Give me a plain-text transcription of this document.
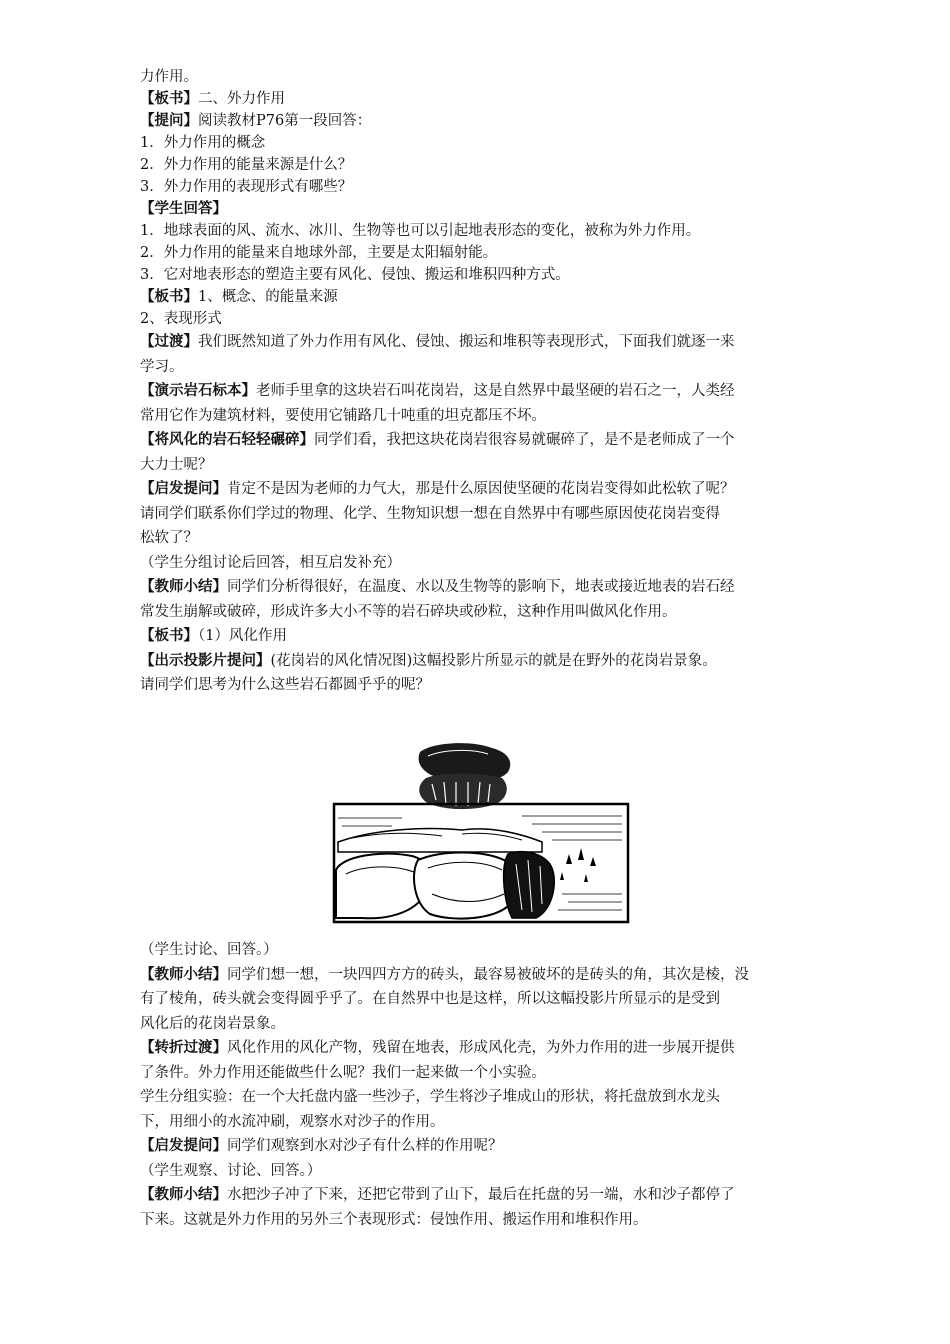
力作用。
【板书】二、外力作用
【提问】阅读教材P76第一段回答：
1．外力作用的概念
2．外力作用的能量来源是什么？
3．外力作用的表现形式有哪些？
【学生回答】
1．地球表面的风、流水、冰川、生物等也可以引起地表形态的变化，被称为外力作用。
2．外力作用的能量来自地球外部，主要是太阳辐射能。
3．它对地表形态的塑造主要有风化、侵蚀、搬运和堆积四种方式。
【板书】1、概念、的能量来源
2、表现形式
【过渡】我们既然知道了外力作用有风化、侵蚀、搬运和堆积等表现形式，下面我们就逐一来
学习。
【演示岩石标本】老师手里拿的这块岩石叫花岗岩，这是自然界中最坚硬的岩石之一，人类经
常用它作为建筑材料，要使用它铺路几十吨重的坦克都压不坏。
【将风化的岩石轻轻碾碎】同学们看，我把这块花岗岩很容易就碾碎了，是不是老师成了一个
大力士呢？
【启发提问】肯定不是因为老师的力气大，那是什么原因使坚硬的花岗岩变得如此松软了呢？
请同学们联系你们学过的物理、化学、生物知识想一想在自然界中有哪些原因使花岗岩变得
松软了？
（学生分组讨论后回答，相互启发补充）
【教师小结】同学们分析得很好，在温度、水以及生物等的影响下，地表或接近地表的岩石经
常发生崩解或破碎，形成许多大小不等的岩石碎块或砂粒，这种作用叫做风化作用。
【板书】（1）风化作用
【出示投影片提问】(花岗岩的风化情况图)这幅投影片所显示的就是在野外的花岗岩景象。
请同学们思考为什么这些岩石都圆乎乎的呢？
（学生讨论、回答。）
【教师小结】同学们想一想，一块四四方方的砖头，最容易被破坏的是砖头的角，其次是棱，没
有了棱角，砖头就会变得圆乎乎了。在自然界中也是这样，所以这幅投影片所显示的是受到
风化后的花岗岩景象。
【转折过渡】风化作用的风化产物，残留在地表，形成风化壳，为外力作用的进一步展开提供
了条件。外力作用还能做些什么呢？我们一起来做一个小实验。
学生分组实验：在一个大托盘内盛一些沙子，学生将沙子堆成山的形状，将托盘放到水龙头
下，用细小的水流冲刷，观察水对沙子的作用。
【启发提问】同学们观察到水对沙子有什么样的作用呢？
（学生观察、讨论、回答。）
【教师小结】水把沙子冲了下来，还把它带到了山下，最后在托盘的另一端，水和沙子都停了
下来。这就是外力作用的另外三个表现形式：侵蚀作用、搬运作用和堆积作用。
